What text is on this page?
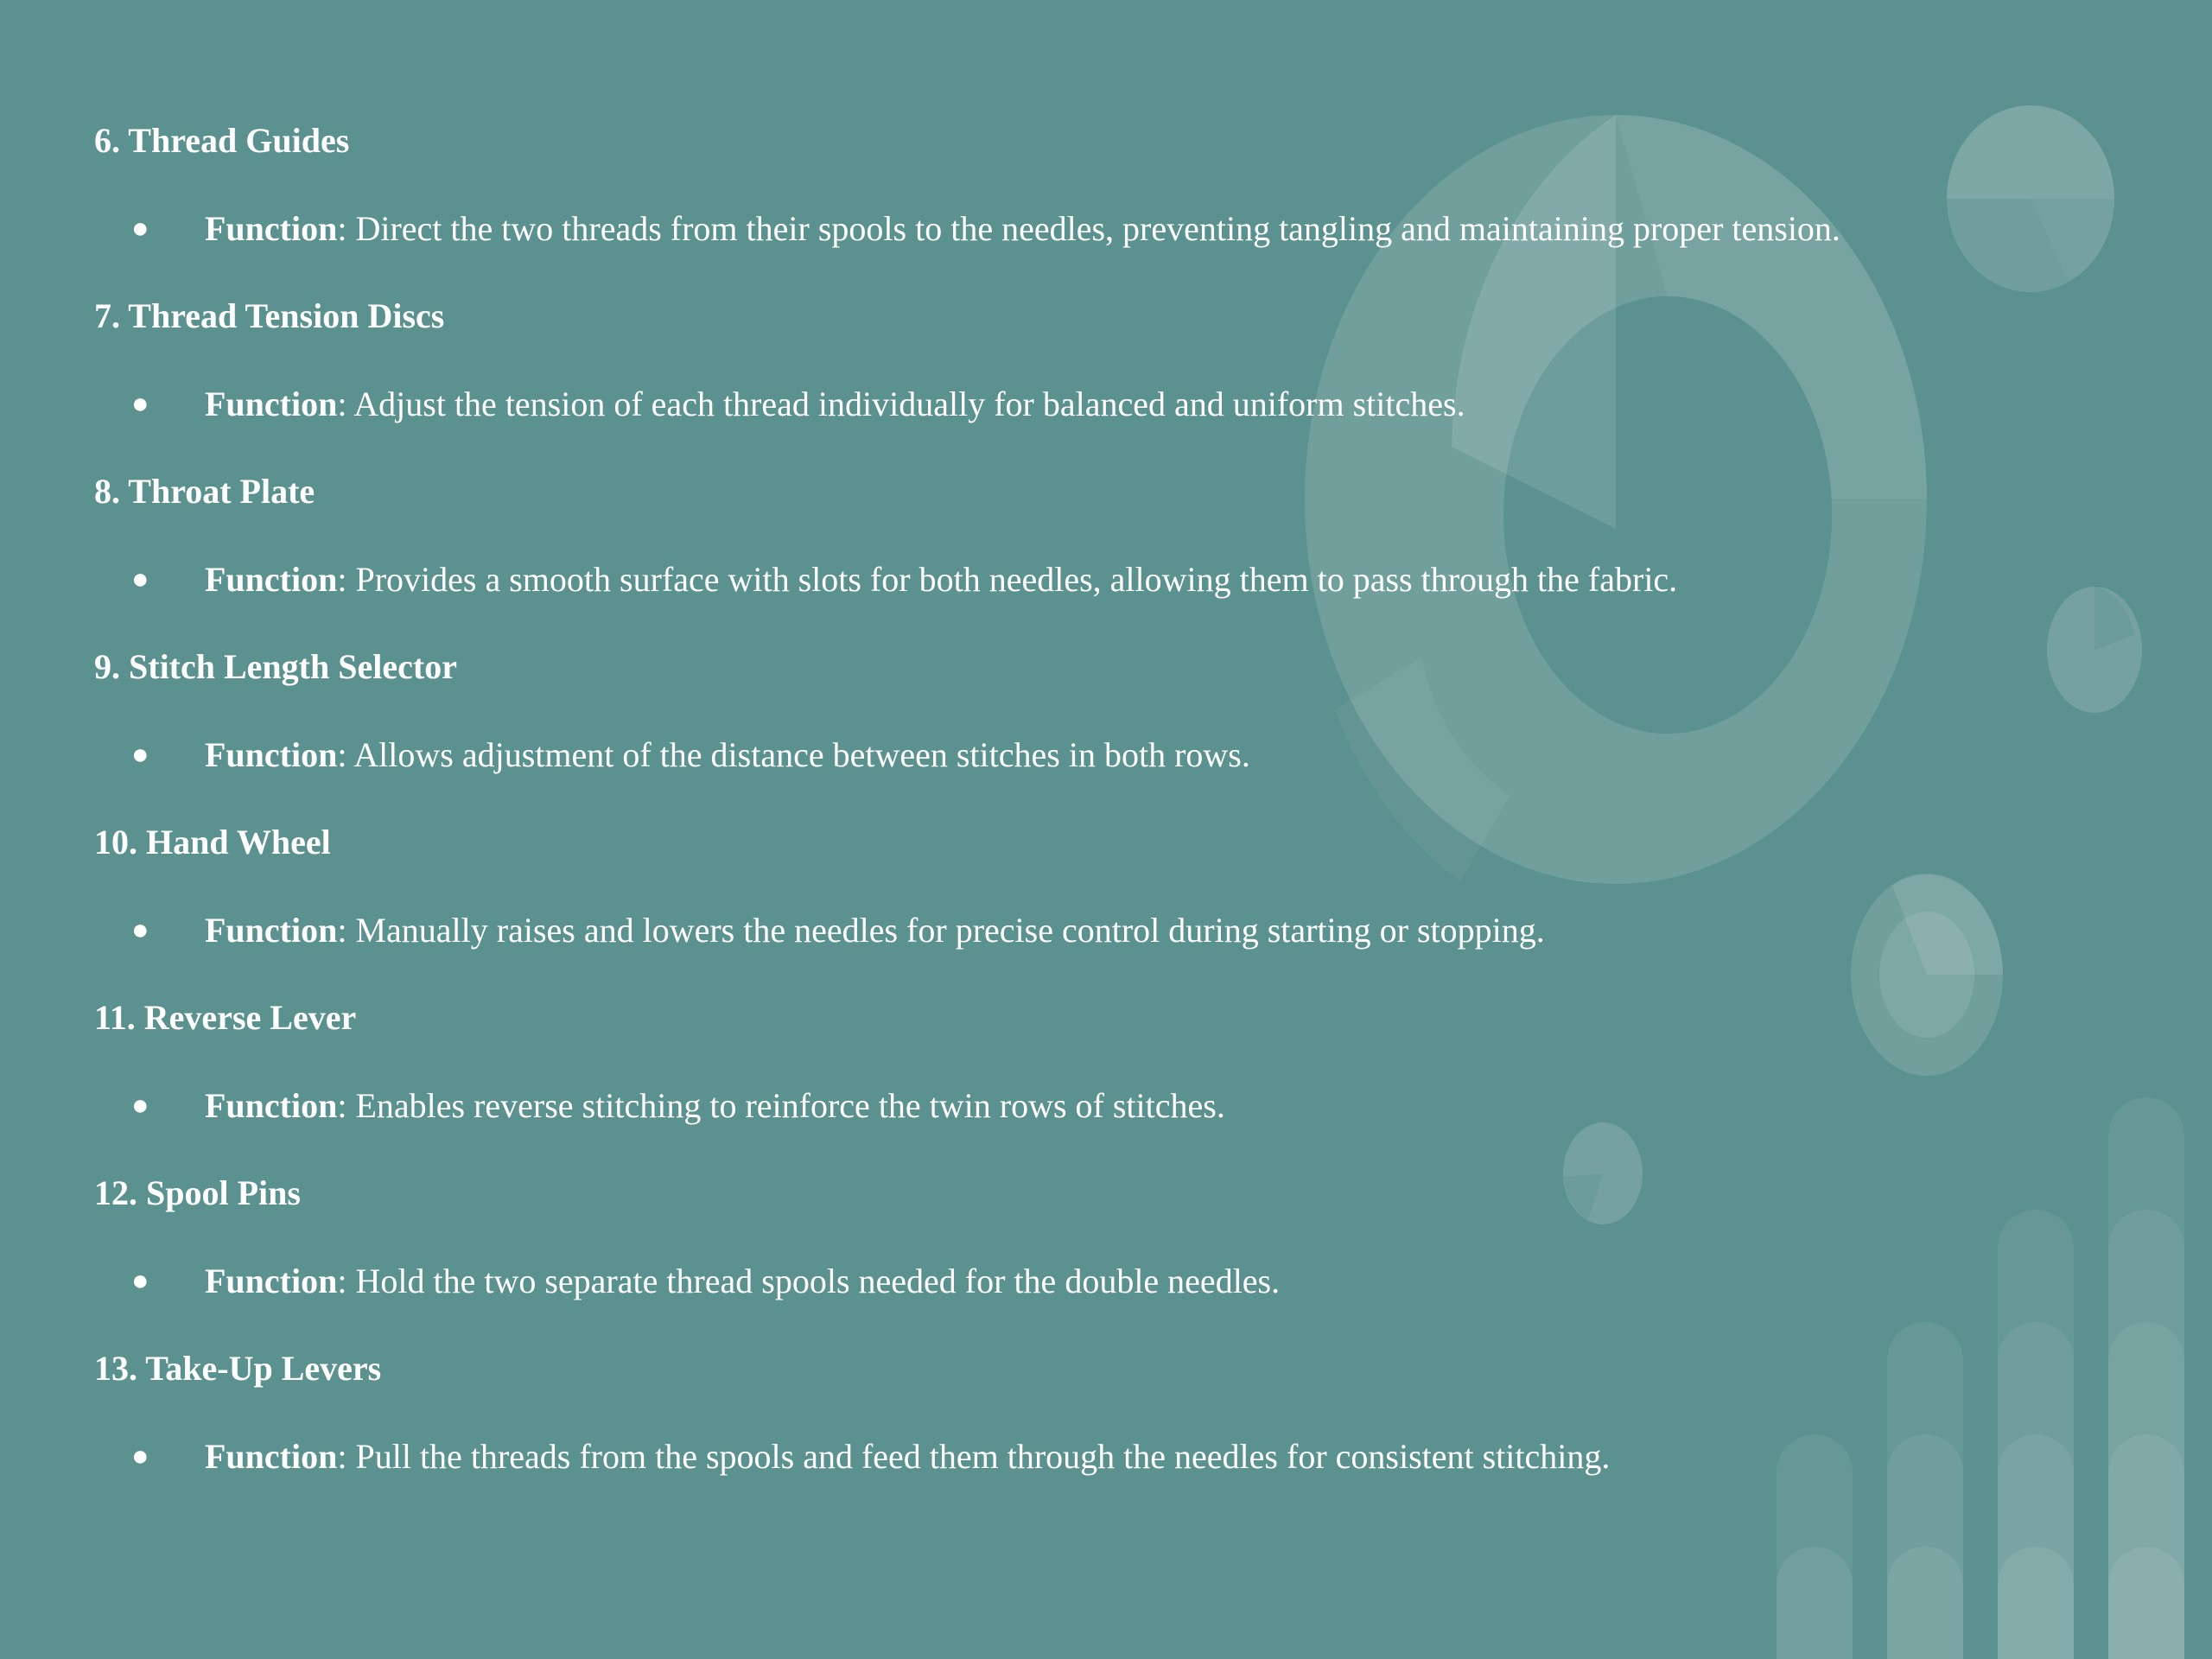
6. Thread Guides
● Function: Direct the two threads from their spools to the needles, preventing tangling and maintaining proper tension.
7. Thread Tension Discs
● Function: Adjust the tension of each thread individually for balanced and uniform stitches.
8. Throat Plate
● Function: Provides a smooth surface with slots for both needles, allowing them to pass through the fabric.
9. Stitch Length Selector
● Function: Allows adjustment of the distance between stitches in both rows.
10. Hand Wheel
● Function: Manually raises and lowers the needles for precise control during starting or stopping.
11. Reverse Lever
● Function: Enables reverse stitching to reinforce the twin rows of stitches.
12. Spool Pins
● Function: Hold the two separate thread spools needed for the double needles.
13. Take-Up Levers
● Function: Pull the threads from the spools and feed them through the needles for consistent stitching.
